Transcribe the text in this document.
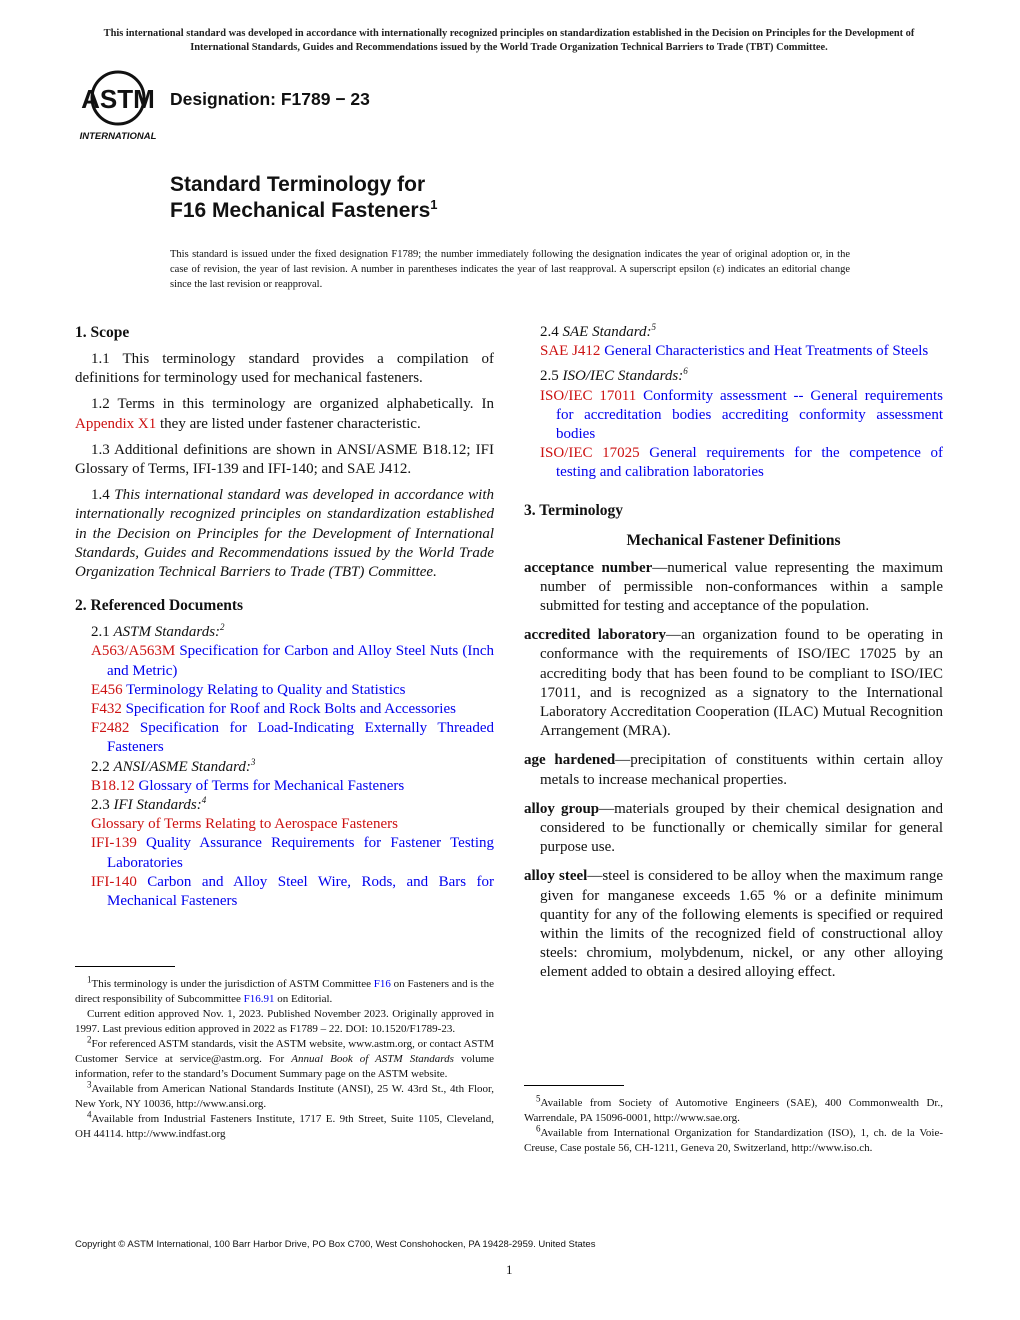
This international standard was developed in accordance with internationally recognized principles on standardization established in the Decision on Principles for the Development of International Standards, Guides and Recommendations issued by the World Trade Organization Technical Barriers to Trade (TBT) Committee.
ASTM
INTERNATIONAL
Designation: F1789 − 23
Standard Terminology for
F16 Mechanical Fasteners$^1$
This standard is issued under the fixed designation F1789; the number immediately following the designation indicates the year of original adoption or, in the case of revision, the year of last revision. A number in parentheses indicates the year of last reapproval. A superscript epsilon (ε) indicates an editorial change since the last revision or reapproval.
1. Scope

1.1 This terminology standard provides a compilation of definitions for terminology used for mechanical fasteners.

1.2 Terms in this terminology are organized alphabetically. In Appendix X1 they are listed under fastener characteristic.

1.3 Additional definitions are shown in ANSI/ASME B18.12; IFI Glossary of Terms, IFI-139 and IFI-140; and SAE J412.

1.4 This international standard was developed in accordance with internationally recognized principles on standardization established in the Decision on Principles for the Development of International Standards, Guides and Recommendations issued by the World Trade Organization Technical Barriers to Trade (TBT) Committee.

2. Referenced Documents

2.1 ASTM Standards:$^2$

A563/A563M Specification for Carbon and Alloy Steel Nuts (Inch and Metric)

E456 Terminology Relating to Quality and Statistics

F432 Specification for Roof and Rock Bolts and Accessories

F2482 Specification for Load-Indicating Externally Threaded Fasteners

2.2 ANSI/ASME Standard:$^3$

B18.12 Glossary of Terms for Mechanical Fasteners

2.3 IFI Standards:$^4$

Glossary of Terms Relating to Aerospace Fasteners

IFI-139 Quality Assurance Requirements for Fastener Testing Laboratories

IFI-140 Carbon and Alloy Steel Wire, Rods, and Bars for Mechanical Fasteners

2.4 SAE Standard:$^5$

SAE J412 General Characteristics and Heat Treatments of Steels

2.5 ISO/IEC Standards:$^6$

ISO/IEC 17011 Conformity assessment -- General requirements for accreditation bodies accrediting conformity assessment bodies

ISO/IEC 17025 General requirements for the competence of testing and calibration laboratories

3. Terminology
Mechanical Fastener Definitions

acceptance number—numerical value representing the maximum number of permissible non-conformances within a sample submitted for testing and acceptance of the population.

accredited laboratory—an organization found to be operating in conformance with the requirements of ISO/IEC 17025 by an accrediting body that has been found to be compliant to ISO/IEC 17011, and is recognized as a signatory to the International Laboratory Accreditation Cooperation (ILAC) Mutual Recognition Arrangement (MRA).

age hardened—precipitation of constituents within certain alloy metals to increase mechanical properties.

alloy group—materials grouped by their chemical designation and considered to be functionally or chemically similar for general purpose use.

alloy steel—steel is considered to be alloy when the maximum range given for manganese exceeds 1.65 % or a definite minimum quantity for any of the following elements is specified or required within the limits of the recognized field of constructional alloy steels: chromium, molybdenum, nickel, or any other alloying element added to obtain a desired alloying effect.

$^1$This terminology is under the jurisdiction of ASTM Committee F16 on Fasteners and is the direct responsibility of Subcommittee F16.91 on Editorial.

Current edition approved Nov. 1, 2023. Published November 2023. Originally approved in 1997. Last previous edition approved in 2022 as F1789 – 22. DOI: 10.1520/F1789-23.

$^2$For referenced ASTM standards, visit the ASTM website, www.astm.org, or contact ASTM Customer Service at service@astm.org. For Annual Book of ASTM Standards volume information, refer to the standard’s Document Summary page on the ASTM website.

$^3$Available from American National Standards Institute (ANSI), 25 W. 43rd St., 4th Floor, New York, NY 10036, http://www.ansi.org.

$^4$Available from Industrial Fasteners Institute, 1717 E. 9th Street, Suite 1105, Cleveland, OH 44114. http://www.indfast.org

$^5$Available from Society of Automotive Engineers (SAE), 400 Commonwealth Dr., Warrendale, PA 15096-0001, http://www.sae.org.

$^6$Available from International Organization for Standardization (ISO), 1, ch. de la Voie-Creuse, Case postale 56, CH-1211, Geneva 20, Switzerland, http://www.iso.ch.

Copyright © ASTM International, 100 Barr Harbor Drive, PO Box C700, West Conshohocken, PA 19428-2959. United States
1
